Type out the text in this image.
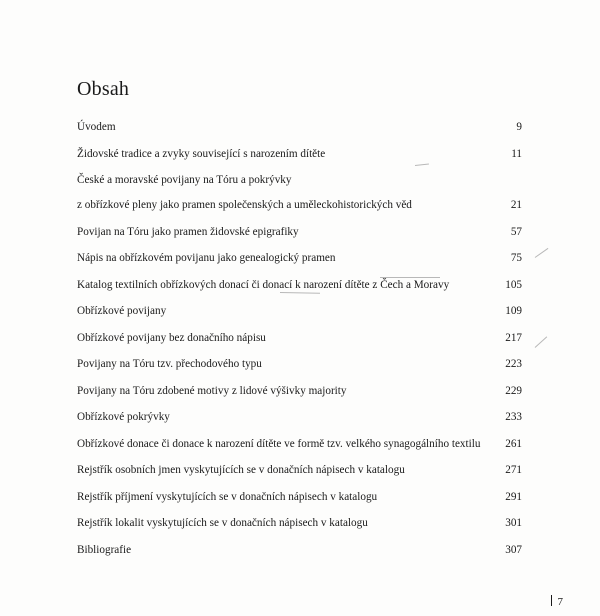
Obsah
Úvodem	9
Židovské tradice a zvyky související s narozením dítěte	11
České a moravské povijany na Tóru a pokrývky
z obřízkové pleny jako pramen společenských a uměleckohistorických věd	21
Povijan na Tóru jako pramen židovské epigrafiky	57
Nápis na obřízkovém povijanu jako genealogický pramen	75
Katalog textilních obřízkových donací či donací k narození dítěte z Čech a Moravy	105
Obřízkové povijany	109
Obřízkové povijany bez donačního nápisu	217
Povijany na Tóru tzv. přechodového typu	223
Povijany na Tóru zdobené motivy z lidové výšivky majority	229
Obřízkové pokrývky	233
Obřízkové donace či donace k narození dítěte ve formě tzv. velkého synagogálního textilu	261
Rejstřík osobních jmen vyskytujících se v donačních nápisech v katalogu	271
Rejstřík příjmení vyskytujících se v donačních nápisech v katalogu	291
Rejstřík lokalit vyskytujících se v donačních nápisech v katalogu	301
Bibliografie	307
7
